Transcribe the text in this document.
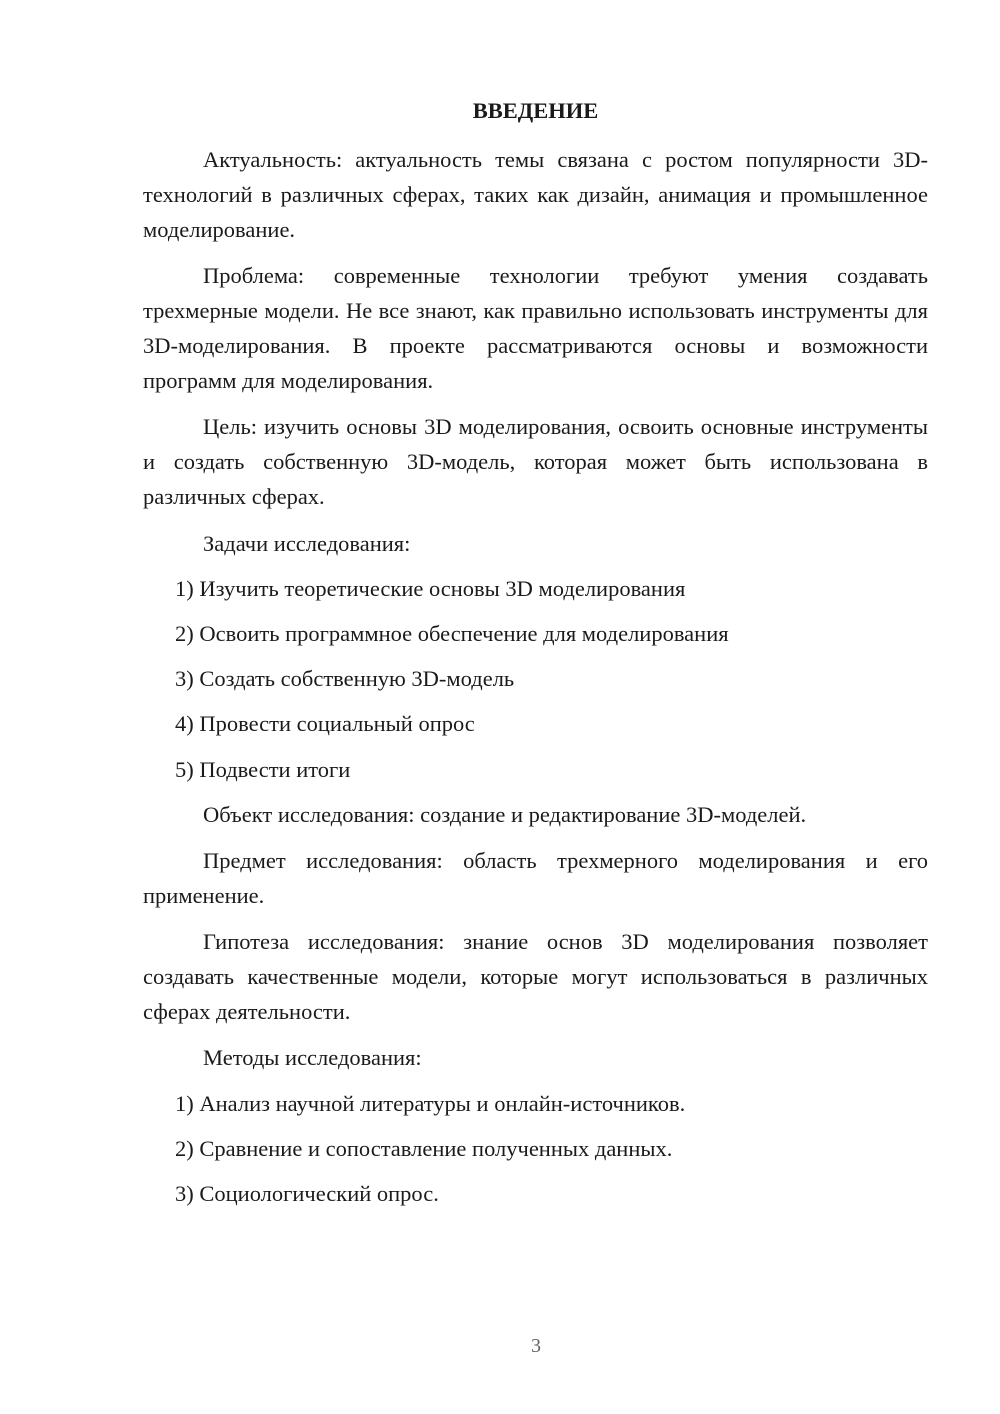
ВВЕДЕНИЕ

Актуальность: актуальность темы связана с ростом популярности 3D-технологий в различных сферах, таких как дизайн, анимация и промышленное моделирование.

Проблема: современные технологии требуют умения создавать трехмерные модели. Не все знают, как правильно использовать инструменты для 3D-моделирования. В проекте рассматриваются основы и возможности программ для моделирования.

Цель: изучить основы 3D моделирования, освоить основные инструменты и создать собственную 3D-модель, которая может быть использована в различных сферах.

Задачи исследования:

1) Изучить теоретические основы 3D моделирования

2) Освоить программное обеспечение для моделирования

3) Создать собственную 3D-модель

4) Провести социальный опрос

5) Подвести итоги

Объект исследования: создание и редактирование 3D-моделей.

Предмет исследования: область трехмерного моделирования и его применение.

Гипотеза исследования: знание основ 3D моделирования позволяет создавать качественные модели, которые могут использоваться в различных сферах деятельности.

Методы исследования:

1) Анализ научной литературы и онлайн-источников.

2) Сравнение и сопоставление полученных данных.

3) Социологический опрос.

3
